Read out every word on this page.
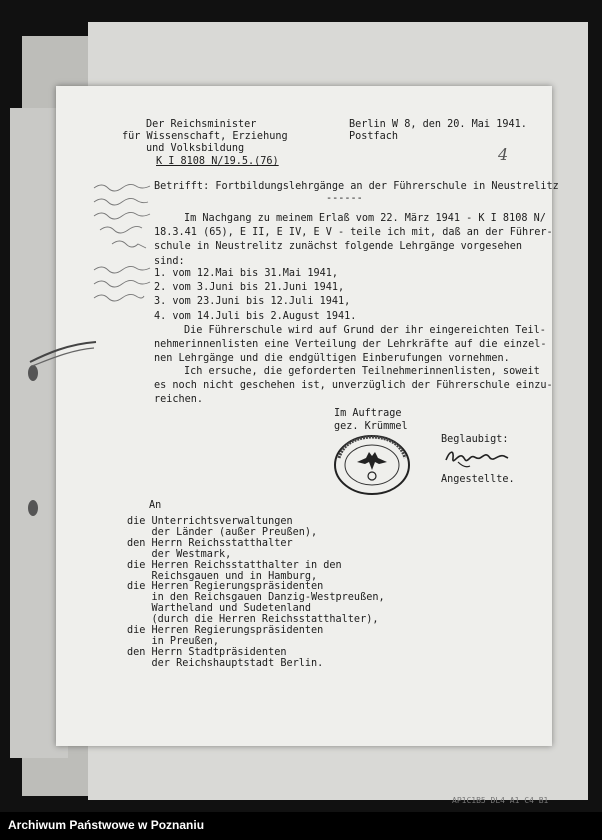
Der Reichsminister
für Wissenschaft, Erziehung
und Volksbildung
Berlin W 8, den 20. Mai 1941.
Postfach
K I 8108 N/19.5.(76)	4
Betrifft: Fortbildungslehrgänge an der Führerschule in Neustrelitz
------
Im Nachgang zu meinem Erlaß vom 22. März 1941 - K I 8108 N/
18.3.41 (65), E II, E IV, E V - teile ich mit, daß an der Führer-
schule in Neustrelitz zunächst folgende Lehrgänge vorgesehen
sind:
1. vom 12.Mai bis 31.Mai 1941,
2. vom 3.Juni bis 21.Juni 1941,
3. vom 23.Juni bis 12.Juli 1941,
4. vom 14.Juli bis 2.August 1941.
Die Führerschule wird auf Grund der ihr eingereichten Teil-
nehmerinnenlisten eine Verteilung der Lehrkräfte auf die einzel-
nen Lehrgänge und die endgültigen Einberufungen vornehmen.
Ich ersuche, die geforderten Teilnehmerinnenlisten, soweit
es noch nicht geschehen ist, unverzüglich der Führerschule einzu-
reichen.
Im Auftrage
gez. Krümmel
Beglaubigt:
Angestellte.
An
die Unterrichtsverwaltungen
der Länder (außer Preußen),
den Herrn Reichsstatthalter
der Westmark,
die Herren Reichsstatthalter in den
Reichsgauen und in Hamburg,
die Herren Regierungspräsidenten
in den Reichsgauen Danzig-Westpreußen,
Wartheland und Sudetenland
(durch die Herren Reichsstatthalter),
die Herren Regierungspräsidenten
in Preußen,
den Herrn Stadtpräsidenten
der Reichshauptstadt Berlin.
AP1C1B5 DL4 A1 C4 B1
Archiwum Państwowe w Poznaniu
